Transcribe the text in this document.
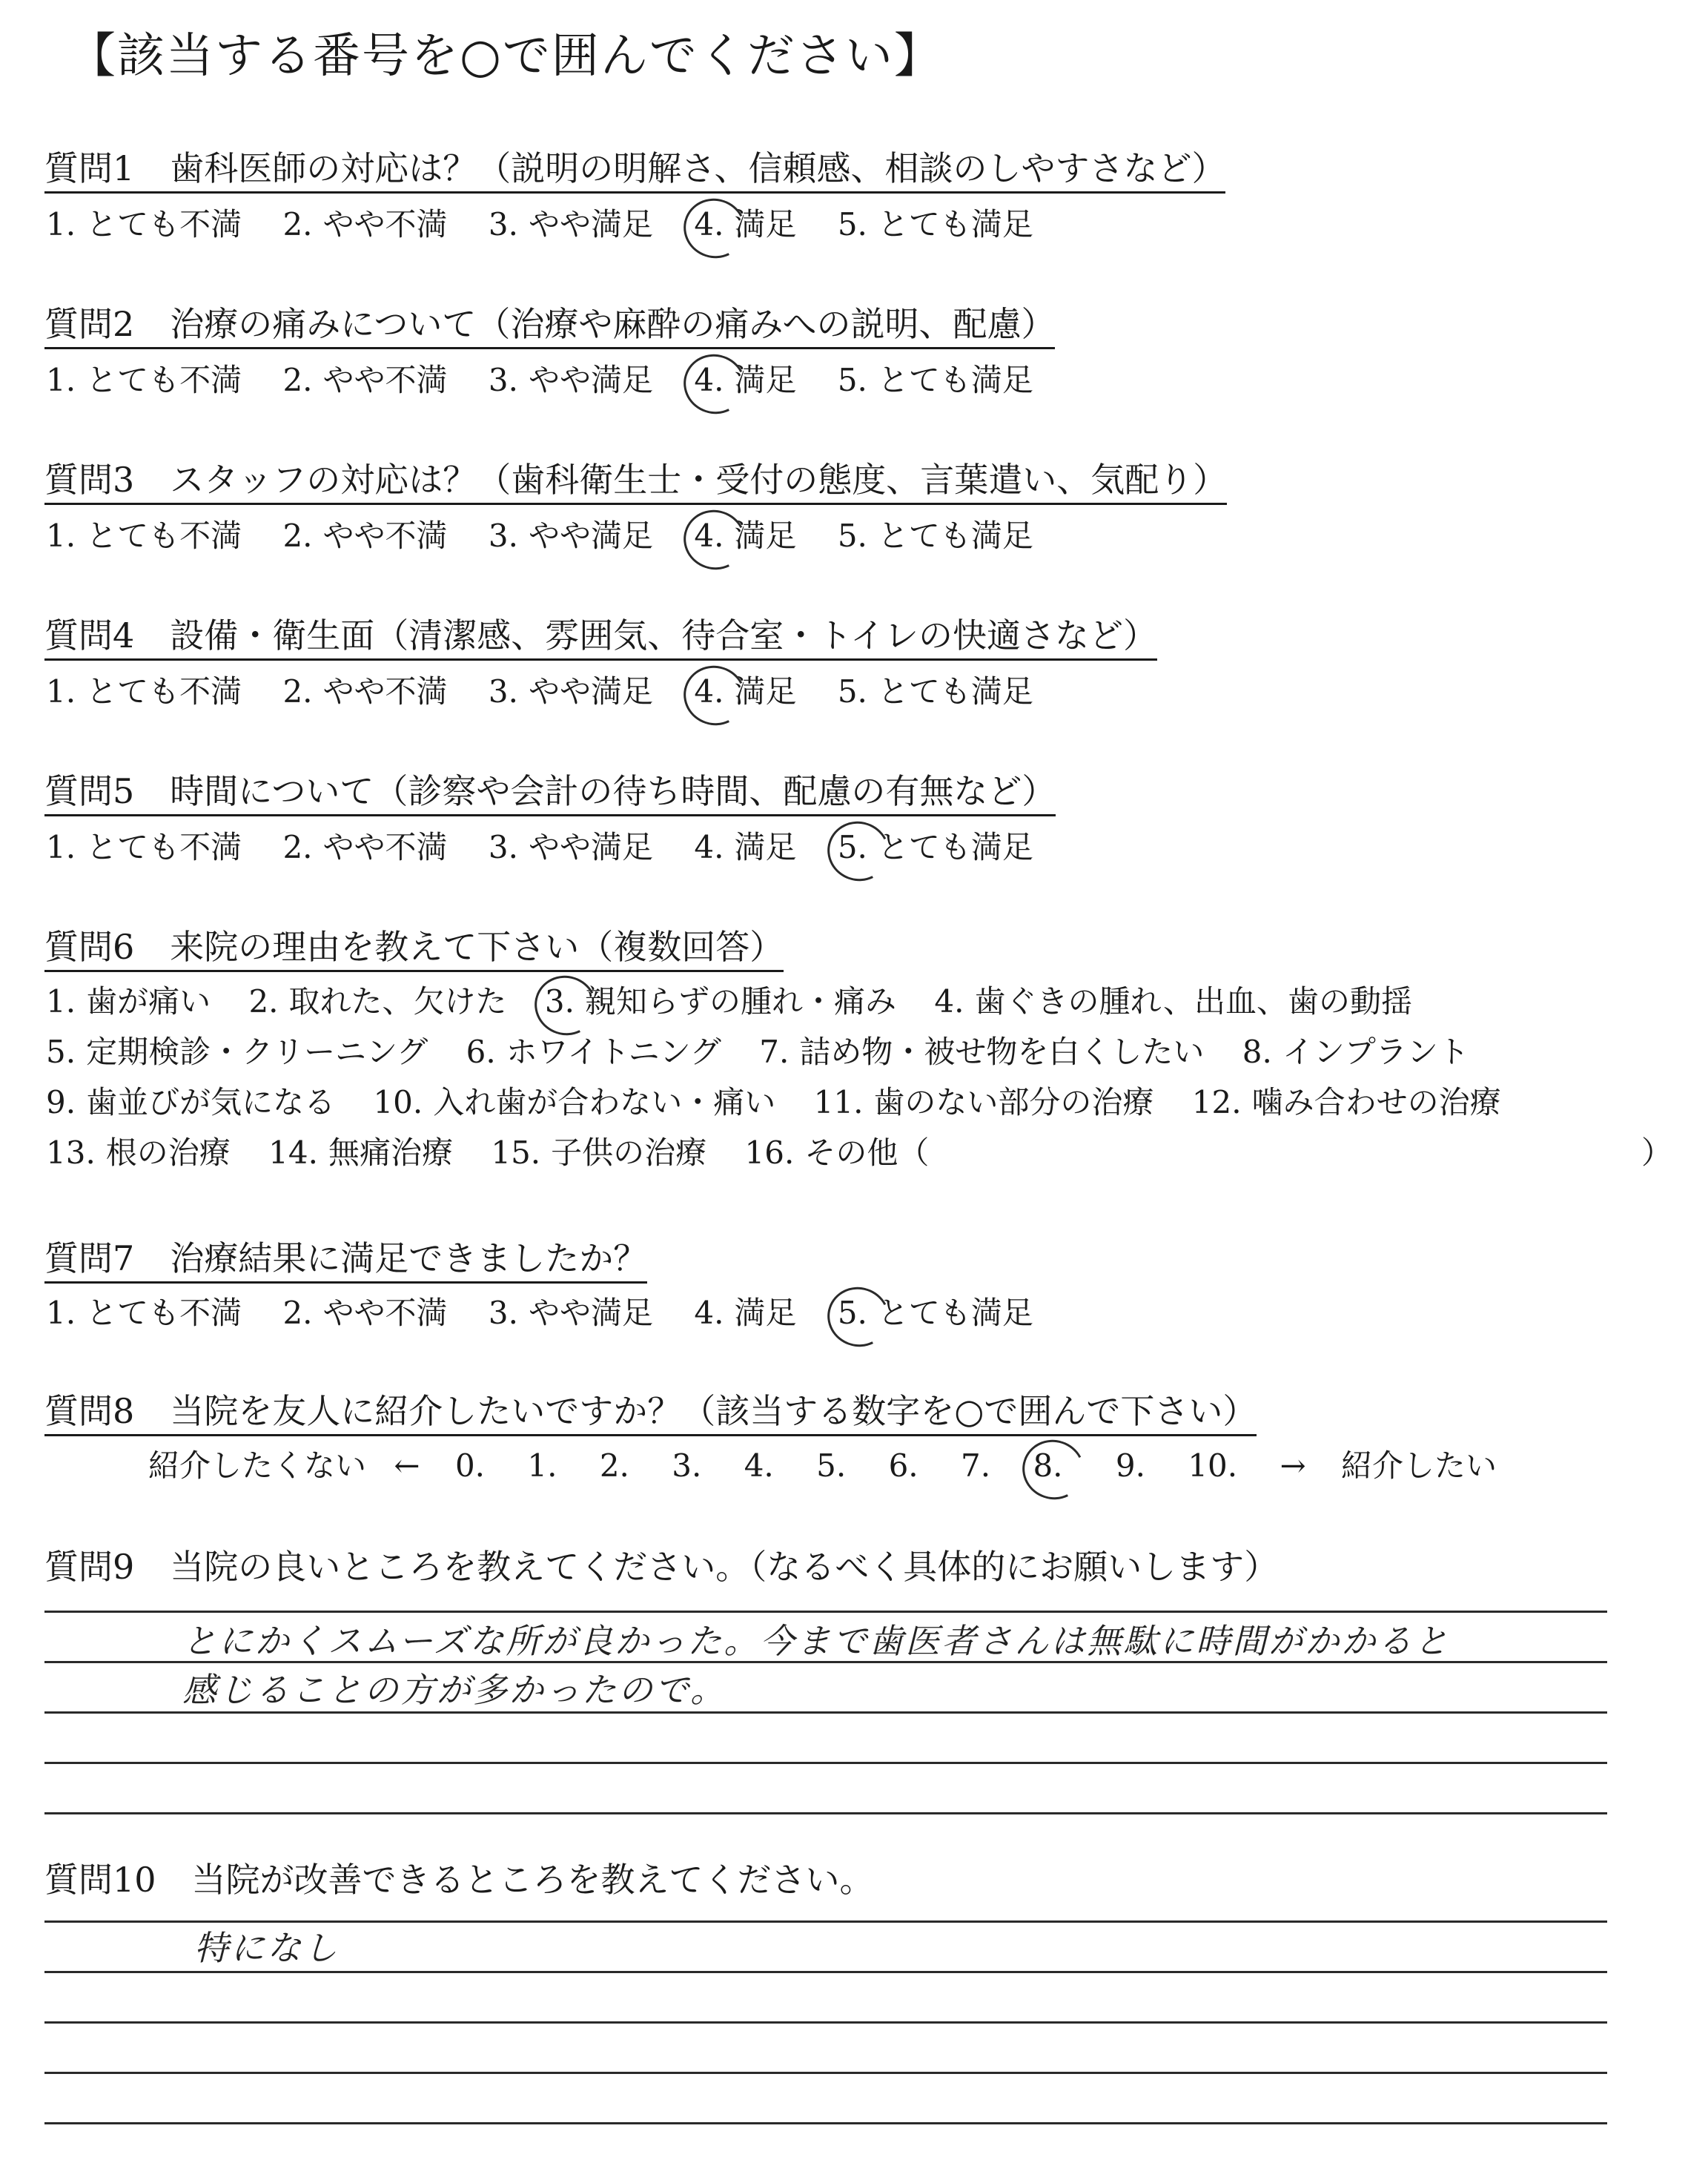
【該当する番号を○で囲んでください】
質問1 歯科医師の対応は？（説明の明解さ、信頼感、相談のしやすさなど）
1. とても不満 2. やや不満 3. やや満足 4. 満足 5. とても満足
質問2 治療の痛みについて（治療や麻酔の痛みへの説明、配慮）
1. とても不満 2. やや不満 3. やや満足 4. 満足 5. とても満足
質問3 スタッフの対応は？（歯科衛生士・受付の態度、言葉遣い、気配り）
1. とても不満 2. やや不満 3. やや満足 4. 満足 5. とても満足
質問4 設備・衛生面（清潔感、雰囲気、待合室・トイレの快適さなど）
1. とても不満 2. やや不満 3. やや満足 4. 満足 5. とても満足
質問5 時間について（診察や会計の待ち時間、配慮の有無など）
1. とても不満 2. やや不満 3. やや満足 4. 満足 5. とても満足
質問6 来院の理由を教えて下さい（複数回答）
1. 歯が痛い 2. 取れた、欠けた 3. 親知らずの腫れ・痛み 4. 歯ぐきの腫れ、出血、歯の動揺
5. 定期検診・クリーニング 6. ホワイトニング 7. 詰め物・被せ物を白くしたい 8. インプラント
9. 歯並びが気になる 10. 入れ歯が合わない・痛い 11. 歯のない部分の治療 12. 噛み合わせの治療
13. 根の治療 14. 無痛治療 15. 子供の治療 16. その他（	）
質問7 治療結果に満足できましたか？
1. とても不満 2. やや不満 3. やや満足 4. 満足 5. とても満足
質問8 当院を友人に紹介したいですか？（該当する数字を○で囲んで下さい）
紹介したくない ← 0. 1. 2. 3. 4. 5. 6. 7. 8. 9. 10. → 紹介したい
質問9 当院の良いところを教えてください。（なるべく具体的にお願いします）
とにかくスムーズな所が良かった。今まで歯医者さんは無駄に時間がかかると
感じることの方が多かったので。
質問10 当院が改善できるところを教えてください。
特になし
